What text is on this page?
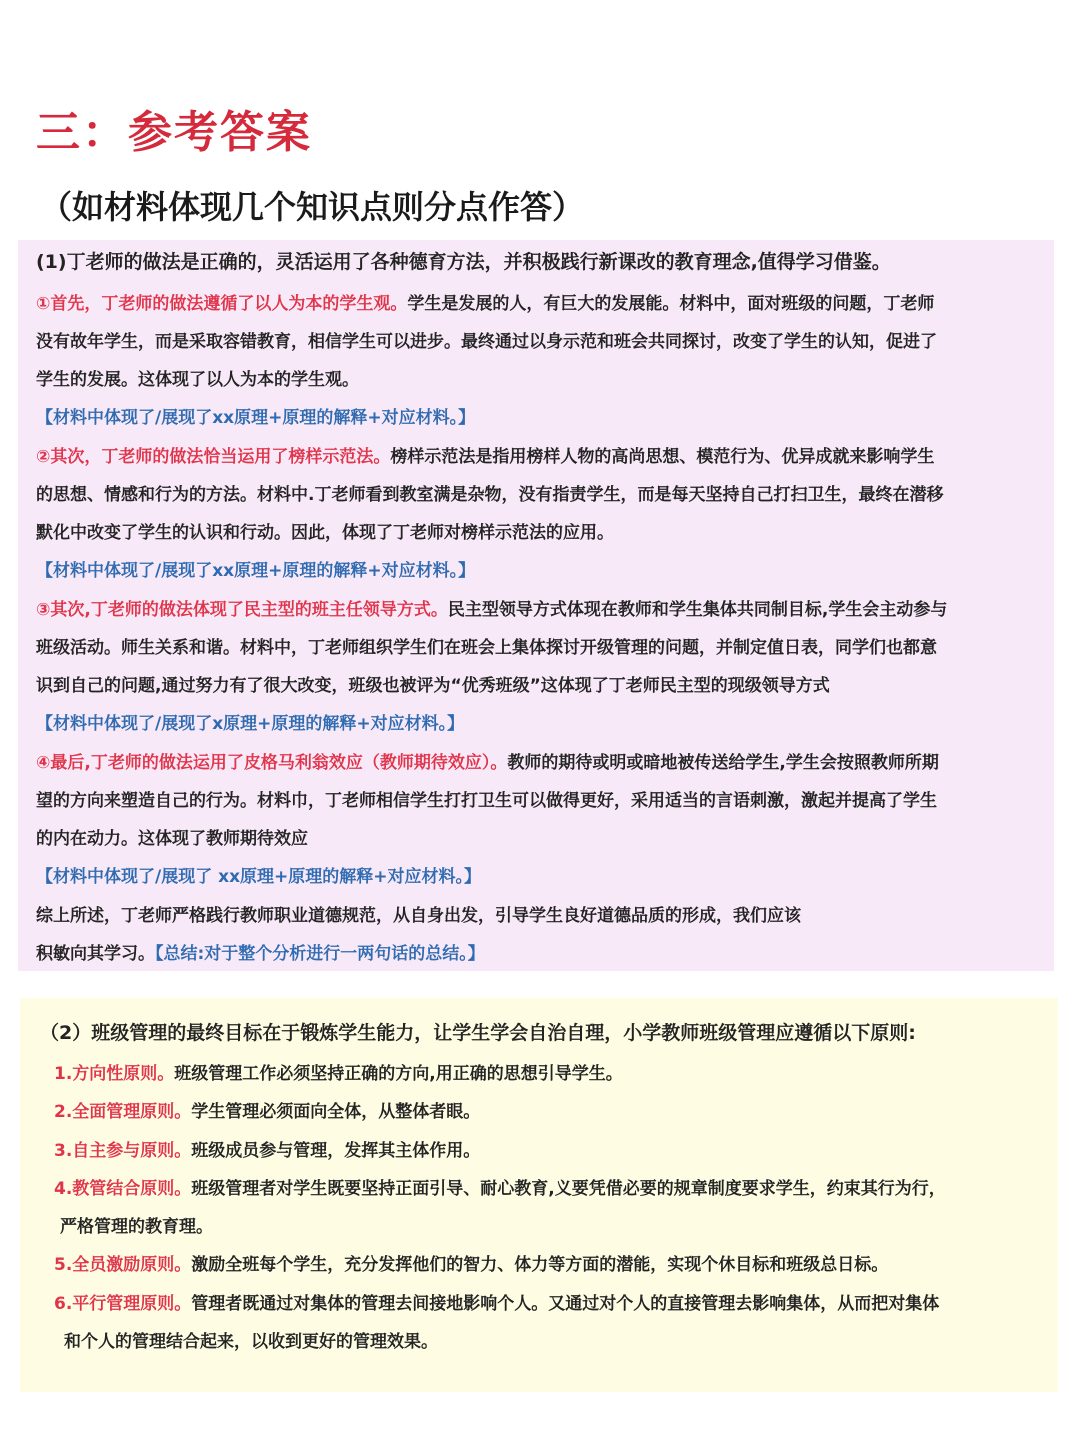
三：参考答案
（如材料体现几个知识点则分点作答）
(1)丁老师的做法是正确的，灵活运用了各种德育方法，并积极践行新课改的教育理念,值得学习借鉴。
①首先，丁老师的做法遵循了以人为本的学生观。学生是发展的人，有巨大的发展能。材料中，面对班级的问题，丁老师
没有故年学生，而是采取容错教育，相信学生可以进步。最终通过以身示范和班会共同探讨，改变了学生的认知，促进了
学生的发展。这体现了以人为本的学生观。
【材料中体现了/展现了xx原理+原理的解释+对应材料。】
②其次，丁老师的做法恰当运用了榜样示范法。榜样示范法是指用榜样人物的高尚思想、模范行为、优异成就来影响学生
的思想、情感和行为的方法。材料中.丁老师看到教室满是杂物，没有指责学生，而是每天坚持自己打扫卫生，最终在潜移
默化中改变了学生的认识和行动。因此，体现了丁老师对榜样示范法的应用。
【材料中体现了/展现了xx原理+原理的解释+对应材料。】
③其次,丁老师的做法体现了民主型的班主任领导方式。民主型领导方式体现在教师和学生集体共同制目标,学生会主动参与
班级活动。师生关系和谐。材料中，丁老师组织学生们在班会上集体探讨开级管理的问题，并制定值日表，同学们也都意
识到自己的问题,通过努力有了很大改变，班级也被评为“优秀班级”这体现了丁老师民主型的现级领导方式
【材料中体现了/展现了x原理+原理的解释+对应材料。】
④最后,丁老师的做法运用了皮格马利翁效应（教师期待效应）。教师的期待或明或暗地被传送给学生,学生会按照教师所期
望的方向来塑造自己的行为。材料巾，丁老师相信学生打打卫生可以做得更好，采用适当的言语刺激，激起并提高了学生
的内在动力。这体现了教师期待效应
【材料中体现了/展现了 xx原理+原理的解释+对应材料。】
综上所述，丁老师严格践行教师职业道德规范，从自身出发，引导学生良好道德品质的形成，我们应该
积敏向其学习。【总结:对于整个分析进行一两句话的总结。】
（2）班级管理的最终目标在于锻炼学生能力，让学生学会自治自理，小学教师班级管理应遵循以下原则:
1.方向性原则。班级管理工作必须坚持正确的方向,用正确的思想引导学生。
2.全面管理原则。学生管理必须面向全体，从整体者眼。
3.自主参与原则。班级成员参与管理，发挥其主体作用。
4.教管结合原则。班级管理者对学生既要坚持正面引导、耐心教育,义要凭借必要的规章制度要求学生，约束其行为行，
严格管理的教育理。
5.全员激励原则。激励全班每个学生，充分发挥他们的智力、体力等方面的潜能，实现个休目标和班级总日标。
6.平行管理原则。管理者既通过对集体的管理去间接地影响个人。又通过对个人的直接管理去影响集体，从而把对集体
和个人的管理结合起来，以收到更好的管理效果。
